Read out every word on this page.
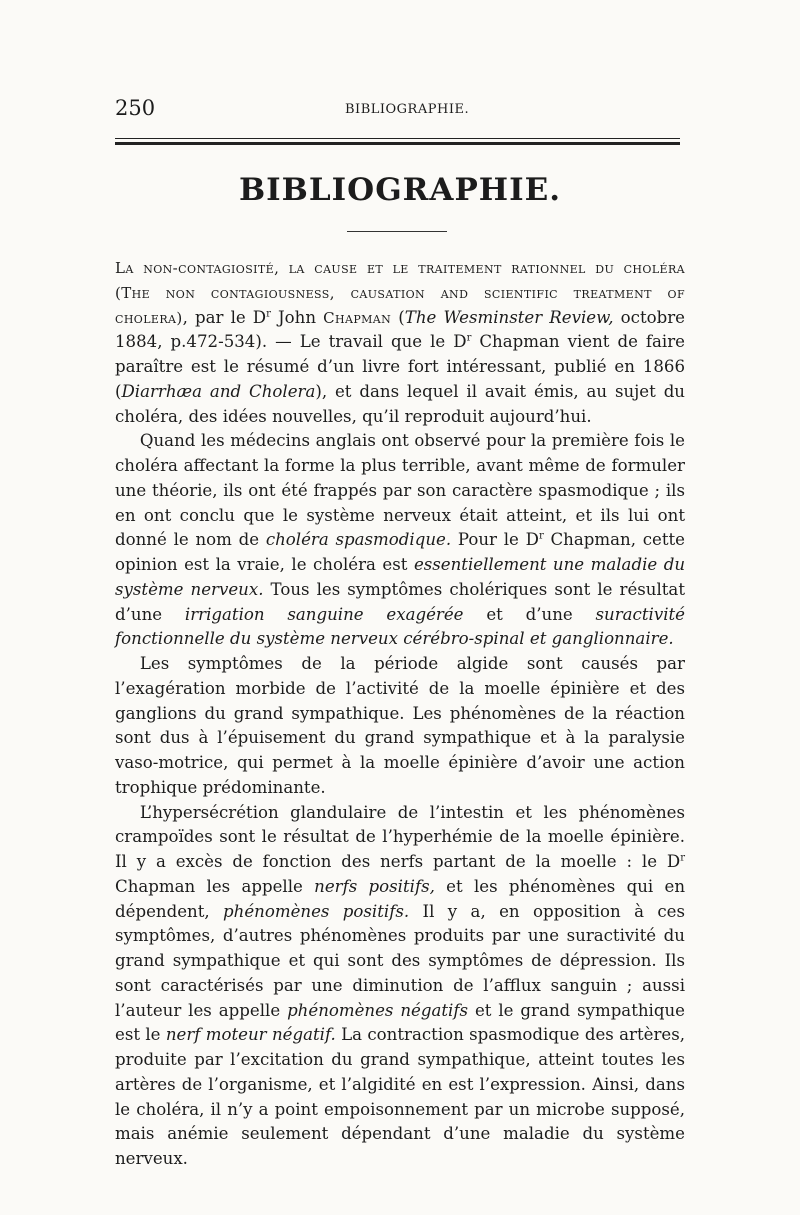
250	BIBLIOGRAPHIE.
BIBLIOGRAPHIE.

La non-contagiosité, la cause et le traitement rationnel du choléra (The non contagiousness, causation and scientific treatment of cholera), par le $D^r$ John Chapman (The Wesminster Review, octobre 1884, p.472-534). — Le travail que le $D^r$ Chapman vient de faire paraître est le résumé d’un livre fort intéressant, publié en 1866 (Diarrhæa and Cholera), et dans lequel il avait émis, au sujet du choléra, des idées nouvelles, qu’il reproduit aujourd’hui.

Quand les médecins anglais ont observé pour la première fois le choléra affectant la forme la plus terrible, avant même de formuler une théorie, ils ont été frappés par son caractère spasmodique ; ils en ont conclu que le système nerveux était atteint, et ils lui ont donné le nom de choléra spasmodique. Pour le $D^r$ Chapman, cette opinion est la vraie, le choléra est essentiellement une maladie du système nerveux. Tous les symptômes cholériques sont le résultat d’une irrigation sanguine exagérée et d’une suractivité fonctionnelle du système nerveux cérébro-spinal et ganglionnaire.

Les symptômes de la période algide sont causés par l’exagération morbide de l’activité de la moelle épinière et des ganglions du grand sympathique. Les phénomènes de la réaction sont dus à l’épuisement du grand sympathique et à la paralysie vaso-motrice, qui permet à la moelle épinière d’avoir une action trophique prédominante.

L’hypersécrétion glandulaire de l’intestin et les phénomènes crampoïdes sont le résultat de l’hyperhémie de la moelle épinière. Il y a excès de fonction des nerfs partant de la moelle : le $D^r$ Chapman les appelle nerfs positifs, et les phénomènes qui en dépendent, phénomènes positifs. Il y a, en opposition à ces symptômes, d’autres phénomènes produits par une suractivité du grand sympathique et qui sont des symptômes de dépression. Ils sont caractérisés par une diminution de l’afflux sanguin ; aussi l’auteur les appelle phénomènes négatifs et le grand sympathique est le nerf moteur négatif. La contraction spasmodique des artères, produite par l’excitation du grand sympathique, atteint toutes les artères de l’organisme, et l’algidité en est l’expression. Ainsi, dans le choléra, il n’y a point empoisonnement par un microbe supposé, mais anémie seulement dépendant d’une maladie du système nerveux.
